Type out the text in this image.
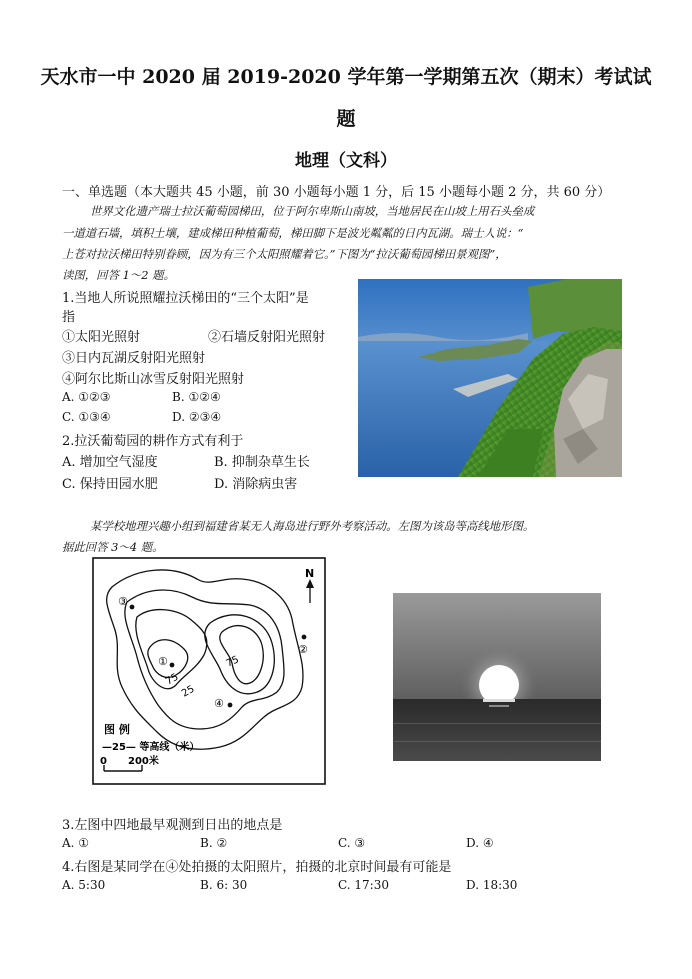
天水市一中 2020 届 2019-2020 学年第一学期第五次（期末）考试试
题
地理（文科）
一、单选题（本大题共 45 小题，前 30 小题每小题 1 分，后 15 小题每小题 2 分，共 60 分）
世界文化遗产瑞士拉沃葡萄园梯田，位于阿尔卑斯山南坡，当地居民在山坡上用石头垒成
一道道石墙，填积土壤，建成梯田种植葡萄，梯田脚下是波光粼粼的日内瓦湖。瑞士人说：“
上苍对拉沃梯田特别眷顾，因为有三个太阳照耀着它。”下图为“拉沃葡萄园梯田景观图”，
读图，回答 1～2 题。
1.当地人所说照耀拉沃梯田的“三个太阳”是
指
①太阳光照射	②石墙反射阳光照射
③日内瓦湖反射阳光照射
④阿尔比斯山冰雪反射阳光照射
A. ①②③	B. ①②④
C. ①③④	D. ②③④
2.拉沃葡萄园的耕作方式有利于
A. 增加空气湿度	B. 抑制杂草生长
C. 保持田园水肥	D. 消除病虫害
某学校地理兴趣小组到福建省某无人海岛进行野外考察活动。左图为该岛等高线地形图。
据此回答 3～4 题。
N
①
②
③
④
75
75
25
图 例
—25— 等高线（米）
0 200米
3.左图中四地最早观测到日出的地点是
A. ①	B. ②	C. ③	D. ④
4.右图是某同学在④处拍摄的太阳照片，拍摄的北京时间最有可能是
A. 5:30	B. 6: 30	C. 17:30	D. 18:30
